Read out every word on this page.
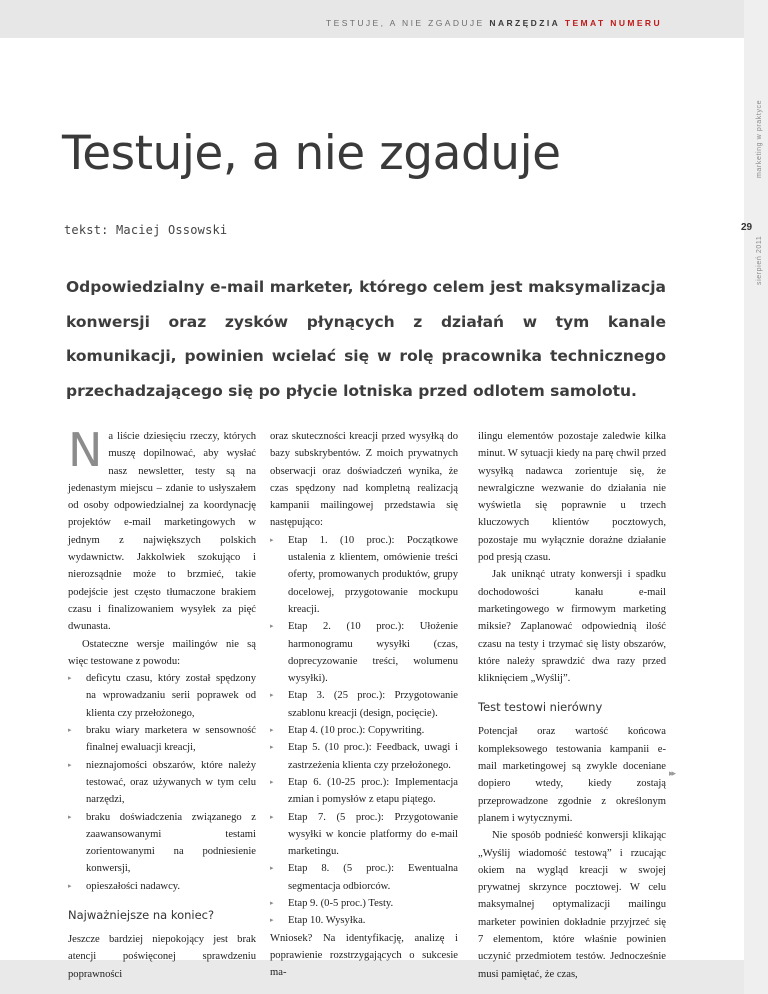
TESTUJE, A NIE ZGADUJE NARZĘDZIA TEMAT NUMERU
marketing w praktyce
sierpień 2011
29
Testuje, a nie zgaduje
tekst: Maciej Ossowski
Odpowiedzialny e-mail marketer, którego celem jest maksymalizacja konwersji oraz zysków płynących z działań w tym kanale komunikacji, powinien wcielać się w rolę pracownika technicznego przechadzającego się po płycie lotniska przed odlotem samolotu.

Na liście dziesięciu rzeczy, których muszę dopilnować, aby wysłać nasz newsletter, testy są na jedenastym miejscu – zdanie to usłyszałem od osoby odpowiedzialnej za koordynację projektów e-mail marketingowych w jednym z największych polskich wydawnictw. Jakkolwiek szokująco i nierozsądnie może to brzmieć, takie podejście jest często tłumaczone brakiem czasu i finalizowaniem wysyłek za pięć dwunasta.

Ostateczne wersje mailingów nie są więc testowane z powodu:

▸ deficytu czasu, który został spędzony na wprowadzaniu serii poprawek od klienta czy przełożonego,
▸ braku wiary marketera w sensowność finalnej ewaluacji kreacji,
▸ nieznajomości obszarów, które należy testować, oraz używanych w tym celu narzędzi,
▸ braku doświadczenia związanego z zaawansowanymi testami zorientowanymi na podniesienie konwersji,
▸ opieszałości nadawcy.
Najważniejsze na koniec?

Jeszcze bardziej niepokojący jest brak atencji poświęconej sprawdzeniu poprawności

oraz skuteczności kreacji przed wysyłką do bazy subskrybentów. Z moich prywatnych obserwacji oraz doświadczeń wynika, że czas spędzony nad kompletną realizacją kampanii mailingowej przedstawia się następująco:

▸ Etap 1. (10 proc.): Początkowe ustalenia z klientem, omówienie treści oferty, promowanych produktów, grupy docelowej, przygotowanie mockupu kreacji.
▸ Etap 2. (10 proc.): Ułożenie harmonogramu wysyłki (czas, doprecyzowanie treści, wolumenu wysyłki).
▸ Etap 3. (25 proc.): Przygotowanie szablonu kreacji (design, pocięcie).
▸ Etap 4. (10 proc.): Copywriting.
▸ Etap 5. (10 proc.): Feedback, uwagi i zastrzeżenia klienta czy przełożonego.
▸ Etap 6. (10-25 proc.): Implementacja zmian i pomysłów z etapu piątego.
▸ Etap 7. (5 proc.): Przygotowanie wysyłki w koncie platformy do e-mail marketingu.
▸ Etap 8. (5 proc.): Ewentualna segmentacja odbiorców.
▸ Etap 9. (0-5 proc.) Testy.
▸ Etap 10. Wysyłka.

Wniosek? Na identyfikację, analizę i poprawienie rozstrzygających o sukcesie ma-

ilingu elementów pozostaje zaledwie kilka minut. W sytuacji kiedy na parę chwil przed wysyłką nadawca zorientuje się, że newralgiczne wezwanie do działania nie wyświetla się poprawnie u trzech kluczowych klientów pocztowych, pozostaje mu wyłącznie dorażne działanie pod presją czasu.

Jak uniknąć utraty konwersji i spadku dochodowości kanału e-mail marketingowego w firmowym marketing miksie? Zaplanować odpowiednią ilość czasu na testy i trzymać się listy obszarów, które należy sprawdzić dwa razy przed kliknięciem „Wyślij”.

Test testowi nierówny

Potencjał oraz wartość końcowa kompleksowego testowania kampanii e-mail marketingowej są zwykle doceniane dopiero wtedy, kiedy zostają przeprowadzone zgodnie z określonym planem i wytycznymi.

Nie sposób podnieść konwersji klikając „Wyślij wiadomość testową” i rzucając okiem na wygląd kreacji w swojej prywatnej skrzynce pocztowej. W celu maksymalnej optymalizacji mailingu marketer powinien dokładnie przyjrzeć się 7 elementom, które właśnie powinien uczynić przedmiotem testów. Jednocześnie musi pamiętać, że czas,

▸▸
